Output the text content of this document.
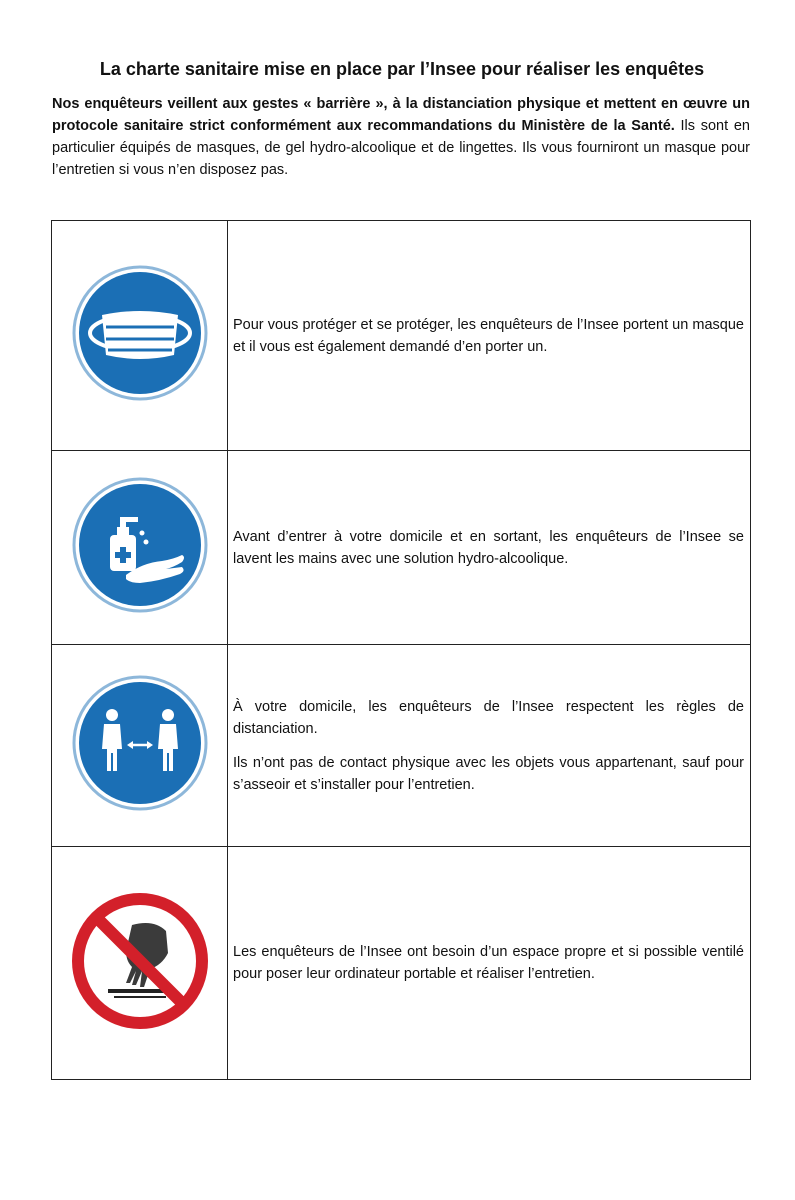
La charte sanitaire mise en place par l’Insee pour réaliser les enquêtes
Nos enquêteurs veillent aux gestes « barrière », à la distanciation physique et mettent en œuvre un protocole sanitaire strict conformément aux recommandations du Ministère de la Santé. Ils sont en particulier équipés de masques, de gel hydro-alcoolique et de lingettes. Ils vous fourniront un masque pour l’entretien si vous n’en disposez pas.

Pour vous protéger et se protéger, les enquêteurs de l’Insee portent un masque et il vous est également demandé d’en porter un.

Avant d’entrer à votre domicile et en sortant, les enquêteurs de l’Insee se lavent les mains avec une solution hydro-alcoolique.

À votre domicile, les enquêteurs de l’Insee respectent les règles de distanciation.

Ils n’ont pas de contact physique avec les objets vous appartenant, sauf pour s’asseoir et s’installer pour l’entretien.

Les enquêteurs de l’Insee ont besoin d’un espace propre et si possible ventilé pour poser leur ordinateur portable et réaliser l’entretien.
